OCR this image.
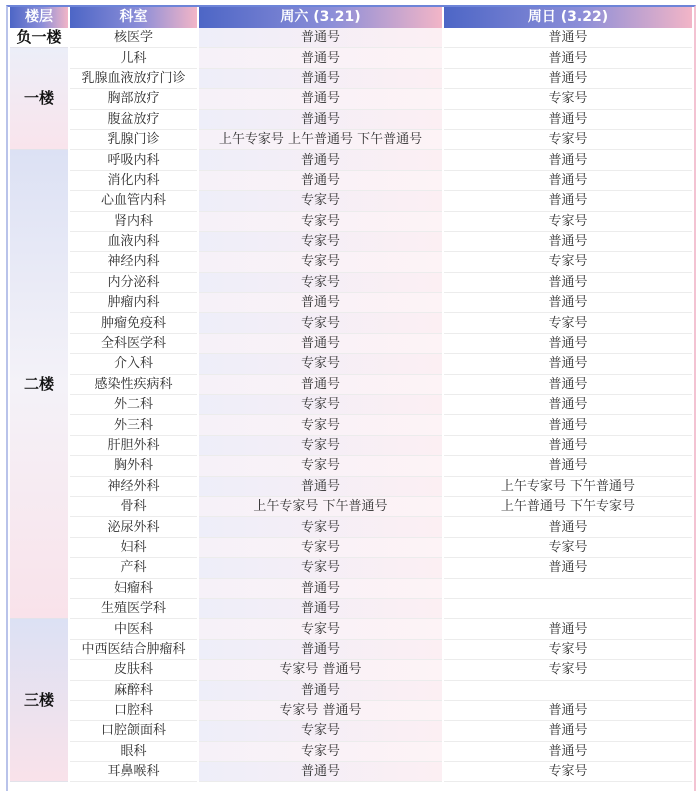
楼层	科室	周六 (3.21)	周日 (3.22)
负一楼	核医学	普通号	普通号
一楼	儿科	普通号	普通号
	乳腺血液放疗门诊	普通号	普通号
	胸部放疗	普通号	专家号
	腹盆放疗	普通号	普通号
	乳腺门诊	上午专家号 上午普通号 下午普通号	专家号
二楼	呼吸内科	普通号	普通号
	消化内科	普通号	普通号
	心血管内科	专家号	普通号
	肾内科	专家号	专家号
	血液内科	专家号	普通号
	神经内科	专家号	专家号
	内分泌科	专家号	普通号
	肿瘤内科	普通号	普通号
	肿瘤免疫科	专家号	专家号
	全科医学科	普通号	普通号
	介入科	专家号	普通号
	感染性疾病科	普通号	普通号
	外二科	专家号	普通号
	外三科	专家号	普通号
	肝胆外科	专家号	普通号
	胸外科	专家号	普通号
	神经外科	普通号	上午专家号 下午普通号
	骨科	上午专家号 下午普通号	上午普通号 下午专家号
	泌尿外科	专家号	普通号
	妇科	专家号	专家号
	产科	专家号	普通号
	妇瘤科	普通号	
	生殖医学科	普通号	
三楼	中医科	专家号	普通号
	中西医结合肿瘤科	普通号	专家号
	皮肤科	专家号 普通号	专家号
	麻醉科	普通号	
	口腔科	专家号 普通号	普通号
	口腔颌面科	专家号	普通号
	眼科	专家号	普通号
	耳鼻喉科	普通号	专家号
